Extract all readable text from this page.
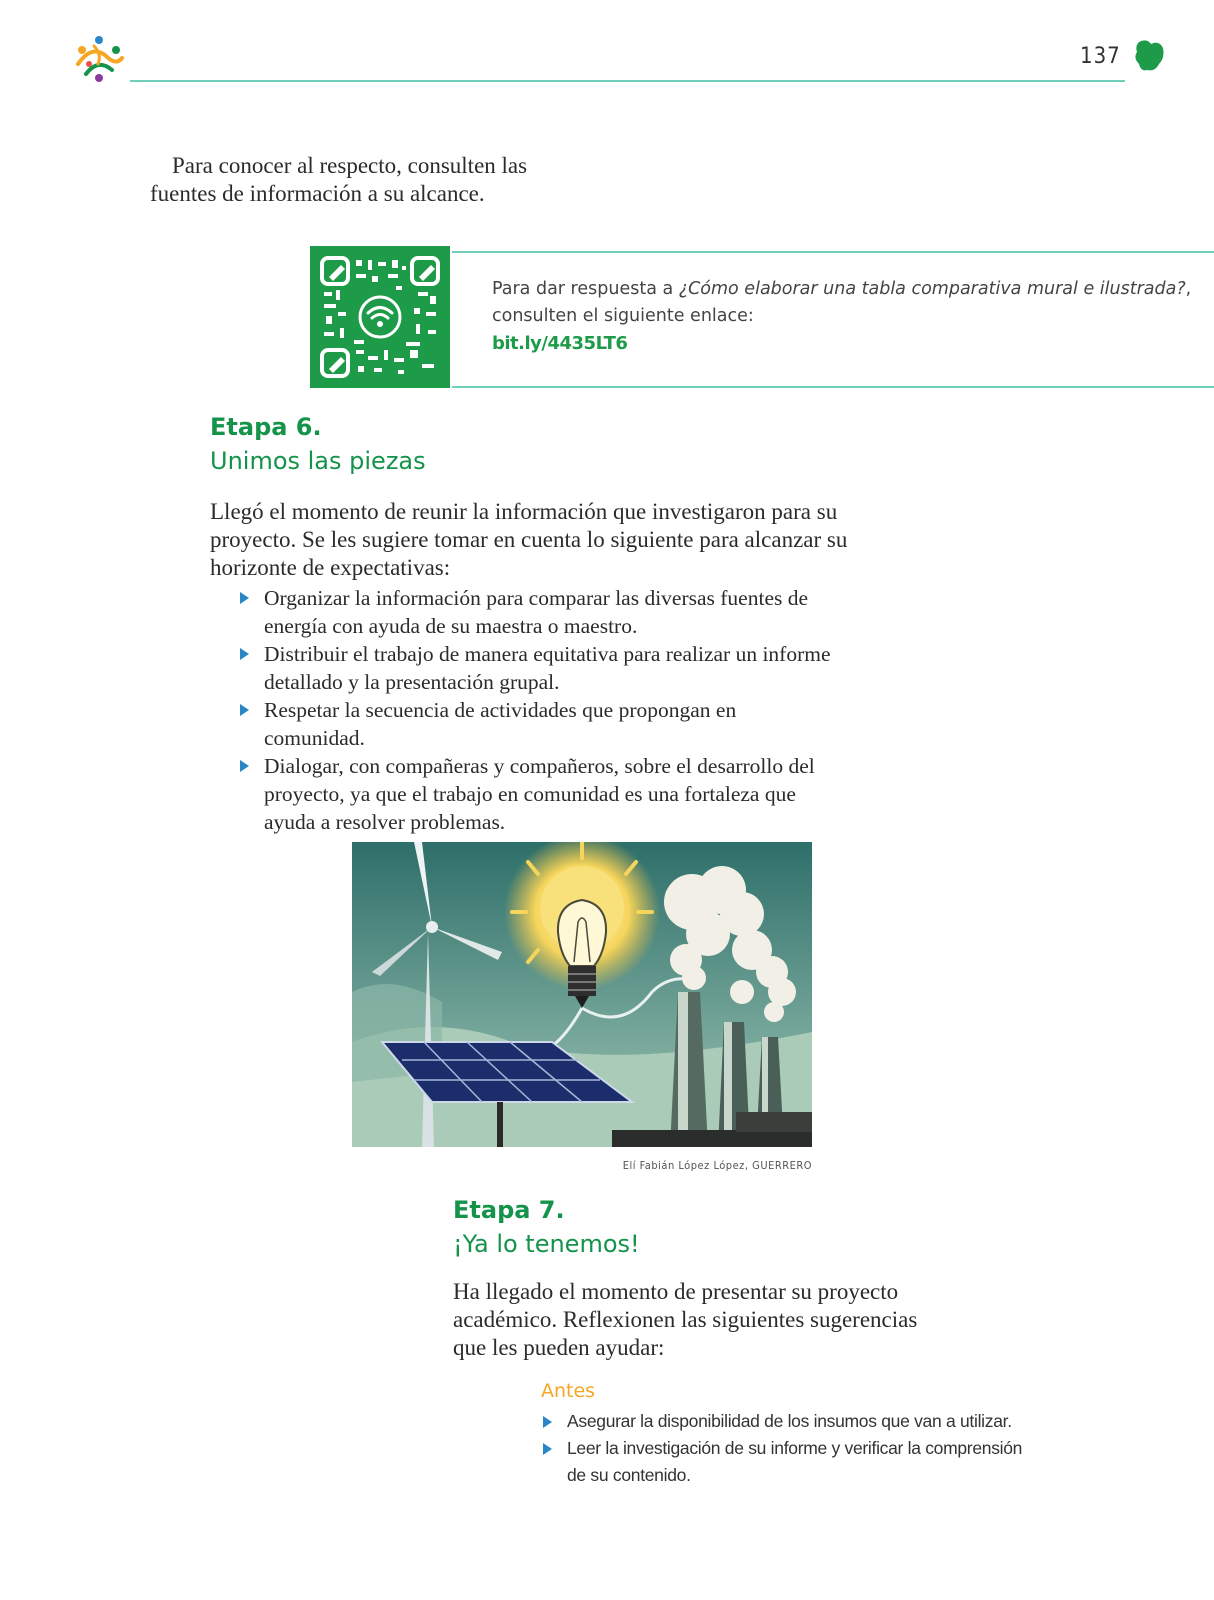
137
Para conocer al respecto, consulten las
fuentes de información a su alcance.
Para dar respuesta a ¿Cómo elaborar una tabla comparativa mural e ilustrada?, consulten el siguiente enlace:
bit.ly/4435LT6
Etapa 6.
Unimos las piezas
Llegó el momento de reunir la información que investigaron para su proyecto. Se les sugiere tomar en cuenta lo siguiente para alcanzar su horizonte de expectativas:
Organizar la información para comparar las diversas fuentes de energía con ayuda de su maestra o maestro.
Distribuir el trabajo de manera equitativa para realizar un informe detallado y la presentación grupal.
Respetar la secuencia de actividades que propongan en comunidad.
Dialogar, con compañeras y compañeros, sobre el desarrollo del proyecto, ya que el trabajo en comunidad es una fortaleza que ayuda a resolver problemas.
Elí Fabián López López, GUERRERO
Etapa 7.
¡Ya lo tenemos!
Ha llegado el momento de presentar su proyecto académico. Reflexionen las siguientes sugerencias que les pueden ayudar:
Antes
Asegurar la disponibilidad de los insumos que van a utilizar.
Leer la investigación de su informe y verificar la comprensión de su contenido.
